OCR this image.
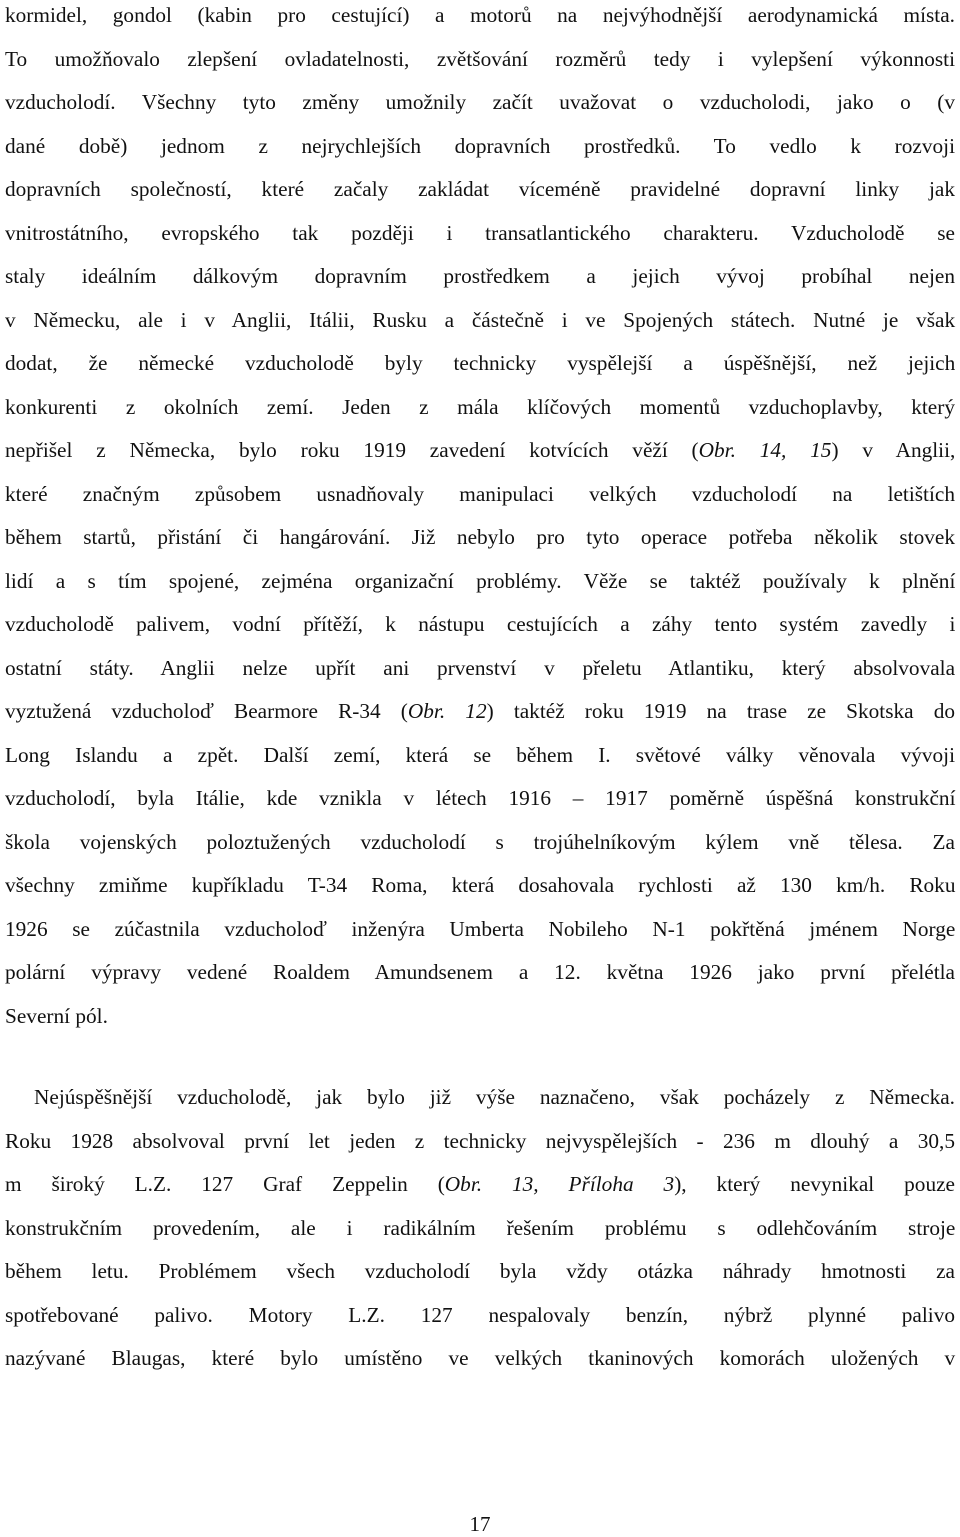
kormidel, gondol (kabin pro cestující) a motorů na nejvýhodnější aerodynamická místa.
To umožňovalo zlepšení ovladatelnosti, zvětšování rozměrů tedy i vylepšení výkonnosti
vzducholodí. Všechny tyto změny umožnily začít uvažovat o vzducholodi, jako o (v
dané době) jednom z nejrychlejších dopravních prostředků. To vedlo k rozvoji
dopravních společností, které začaly zakládat víceméně pravidelné dopravní linky jak
vnitrostátního, evropského tak později i transatlantického charakteru. Vzducholodě se
staly ideálním dálkovým dopravním prostředkem a jejich vývoj probíhal nejen
v Německu, ale i v Anglii, Itálii, Rusku a částečně i ve Spojených státech. Nutné je však
dodat, že německé vzducholodě byly technicky vyspělejší a úspěšnější, než jejich
konkurenti z okolních zemí. Jeden z mála klíčových momentů vzduchoplavby, který
nepřišel z Německa, bylo roku 1919 zavedení kotvících věží (Obr. 14, 15) v Anglii,
které značným způsobem usnadňovaly manipulaci velkých vzducholodí na letištích
během startů, přistání či hangárování. Již nebylo pro tyto operace potřeba několik stovek
lidí a s tím spojené, zejména organizační problémy. Věže se taktéž používaly k plnění
vzducholodě palivem, vodní přítěží, k nástupu cestujících a záhy tento systém zavedly i
ostatní státy. Anglii nelze upřít ani prvenství v přeletu Atlantiku, který absolvovala
vyztužená vzducholoď Bearmore R-34 (Obr. 12) taktéž roku 1919 na trase ze Skotska do
Long Islandu a zpět. Další zemí, která se během I. světové války věnovala vývoji
vzducholodí, byla Itálie, kde vznikla v létech 1916 – 1917 poměrně úspěšná konstrukční
škola vojenských poloztužených vzducholodí s trojúhelníkovým kýlem vně tělesa. Za
všechny zmiňme kupříkladu T-34 Roma, která dosahovala rychlosti až 130 km/h. Roku
1926 se zúčastnila vzducholoď inženýra Umberta Nobileho N-1 pokřtěná jménem Norge
polární výpravy vedené Roaldem Amundsenem a 12. května 1926 jako první přelétla
Severní pól.
Nejúspěšnější vzducholodě, jak bylo již výše naznačeno, však pocházely z Německa.
Roku 1928 absolvoval první let jeden z technicky nejvyspělejších - 236 m dlouhý a 30,5
m široký L.Z. 127 Graf Zeppelin (Obr. 13, Příloha 3), který nevynikal pouze
konstrukčním provedením, ale i radikálním řešením problému s odlehčováním stroje
během letu. Problémem všech vzducholodí byla vždy otázka náhrady hmotnosti za
spotřebované palivo. Motory L.Z. 127 nespalovaly benzín, nýbrž plynné palivo
nazývané Blaugas, které bylo umístěno ve velkých tkaninových komorách uložených v
17
